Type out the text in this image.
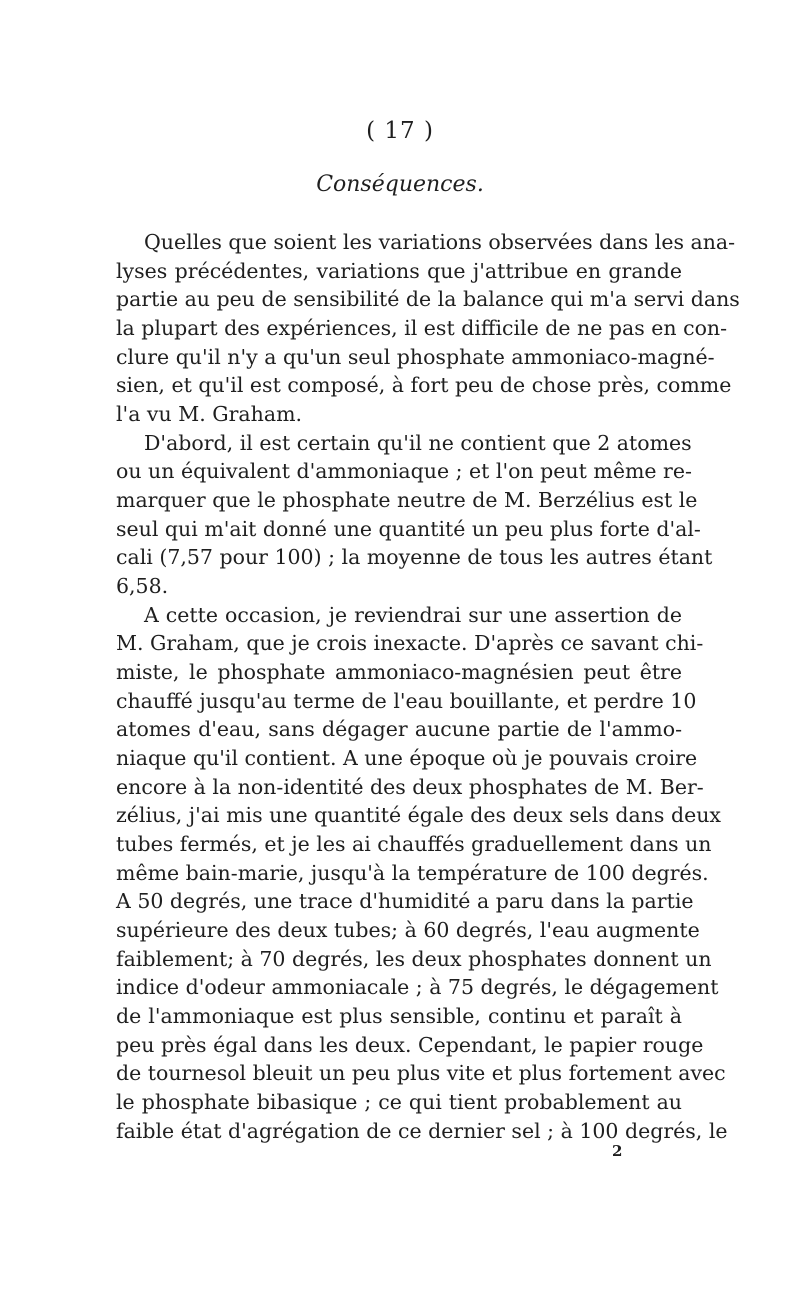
( 17 )
Conséquences.
Quelles que soient les variations observées dans les ana-
lyses précédentes, variations que j'attribue en grande
partie au peu de sensibilité de la balance qui m'a servi dans
la plupart des expériences, il est difficile de ne pas en con-
clure qu'il n'y a qu'un seul phosphate ammoniaco-magné-
sien, et qu'il est composé, à fort peu de chose près, comme
l'a vu M. Graham.
D'abord, il est certain qu'il ne contient que 2 atomes
ou un équivalent d'ammoniaque ; et l'on peut même re-
marquer que le phosphate neutre de M. Berzélius est le
seul qui m'ait donné une quantité un peu plus forte d'al-
cali (7,57 pour 100) ; la moyenne de tous les autres étant
6,58.
A cette occasion, je reviendrai sur une assertion de
M. Graham, que je crois inexacte. D'après ce savant chi-
miste, le phosphate ammoniaco-magnésien peut être
chauffé jusqu'au terme de l'eau bouillante, et perdre 10
atomes d'eau, sans dégager aucune partie de l'ammo-
niaque qu'il contient. A une époque où je pouvais croire
encore à la non-identité des deux phosphates de M. Ber-
zélius, j'ai mis une quantité égale des deux sels dans deux
tubes fermés, et je les ai chauffés graduellement dans un
même bain-marie, jusqu'à la température de 100 degrés.
A 50 degrés, une trace d'humidité a paru dans la partie
supérieure des deux tubes; à 60 degrés, l'eau augmente
faiblement; à 70 degrés, les deux phosphates donnent un
indice d'odeur ammoniacale ; à 75 degrés, le dégagement
de l'ammoniaque est plus sensible, continu et paraît à
peu près égal dans les deux. Cependant, le papier rouge
de tournesol bleuit un peu plus vite et plus fortement avec
le phosphate bibasique ; ce qui tient probablement au
faible état d'agrégation de ce dernier sel ; à 100 degrés, le
2
